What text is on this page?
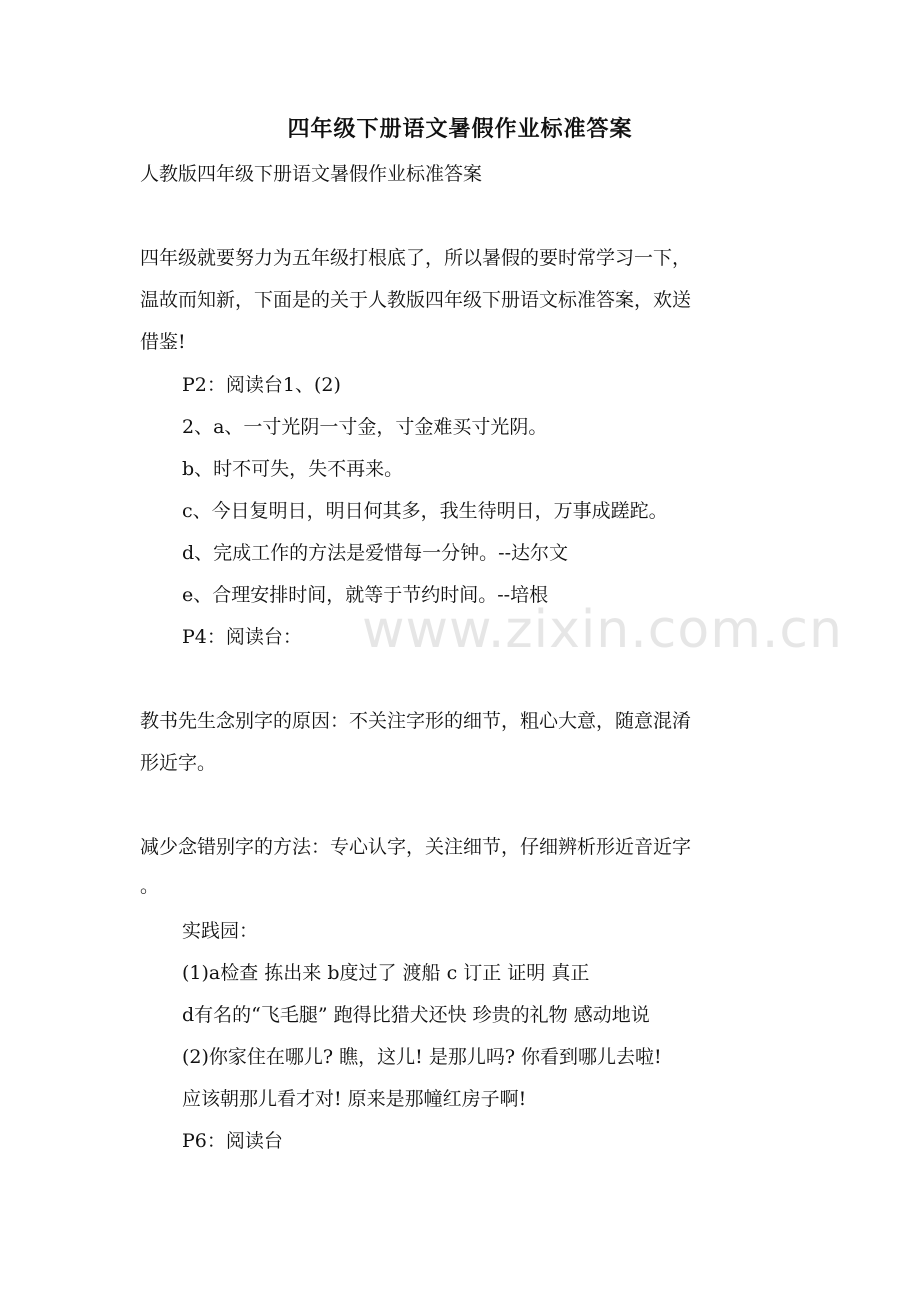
www.zixin.com.cn
四年级下册语文暑假作业标准答案
人教版四年级下册语文暑假作业标准答案
四年级就要努力为五年级打根底了，所以暑假的要时常学习一下，
温故而知新，下面是的关于人教版四年级下册语文标准答案，欢送
借鉴!
P2：阅读台1、(2)
2、a、一寸光阴一寸金，寸金难买寸光阴。
b、时不可失，失不再来。
c、今日复明日，明日何其多，我生待明日，万事成蹉跎。
d、完成工作的方法是爱惜每一分钟。--达尔文
e、合理安排时间，就等于节约时间。--培根
P4：阅读台：
教书先生念别字的原因：不关注字形的细节，粗心大意，随意混淆
形近字。
减少念错别字的方法：专心认字，关注细节，仔细辨析形近音近字
。
实践园：
(1)a检查 拣出来 b度过了 渡船 c 订正 证明 真正
d有名的“飞毛腿” 跑得比猎犬还快 珍贵的礼物 感动地说
(2)你家住在哪儿? 瞧，这儿! 是那儿吗? 你看到哪儿去啦!
应该朝那儿看才对! 原来是那幢红房子啊!
P6：阅读台
